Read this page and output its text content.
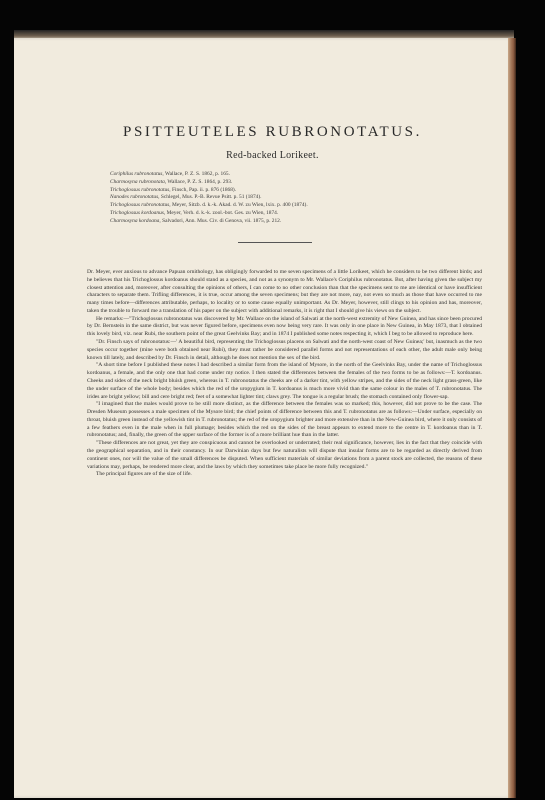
PSITTEUTELES RUBRONOTATUS.
Red-backed Lorikeet.
Coriphilus rubronotatus, Wallace, P. Z. S. 1862, p. 165.
Charmosyna rubronotata, Wallace, P. Z. S. 1864, p. 293.
Trichoglossus rubronotatus, Finsch, Pap. ii. p. 876 (1868).
Nanodes rubronotatus, Schlegel, Mus. P.-B. Revue Psitt. p. 51 (1874).
Trichoglossus rubronotatus, Meyer, Sitzb. d. k.-k. Akad. d. W. zu Wien, lxix. p. 400 (1874).
Trichoglossus kordoanus, Meyer, Verh. d. k.-k. zool.-bot. Ges. zu Wien, 1874.
Charmosyna kordoana, Salvadori, Ann. Mus. Civ. di Genova, vii. 1875, p. 212.

Dr. Meyer, ever anxious to advance Papuan ornithology, has obligingly forwarded to me seven specimens of a little Lorikeet, which he considers to be two different birds; and he believes that his Trichoglossus kordoanus should stand as a species, and not as a synonym to Mr. Wallace's Coriphilus rubronotatus. But, after having given the subject my closest attention and, moreover, after consulting the opinions of others, I can come to no other conclusion than that the specimens sent to me are identical or have insufficient characters to separate them. Trifling differences, it is true, occur among the seven specimens; but they are not more, nay, not even so much as those that have occurred to me many times before—differences attributable, perhaps, to locality or to some cause equally unimportant. As Dr. Meyer, however, still clings to his opinion and has, moreover, taken the trouble to forward me a translation of his paper on the subject with additional remarks, it is right that I should give his views on the subject.

He remarks:—"Trichoglossus rubronotatus was discovered by Mr. Wallace on the island of Salwati at the north-west extremity of New Guinea, and has since been procured by Dr. Bernstein in the same district, but was never figured before, specimens even now being very rare. It was only in one place in New Guinea, in May 1873, that I obtained this lovely bird, viz. near Rubi, the southern point of the great Geelvinks Bay; and in 1874 I published some notes respecting it, which I beg to be allowed to reproduce here.

"Dr. Finsch says of rubronotatus:—' A beautiful bird, representing the Trichoglossus placens on Salwati and the north-west coast of New Guinea;' but, inasmuch as the two species occur together (mine were both obtained near Rubi), they must rather be considered parallel forms and not representations of each other, the adult male only being known till lately, and described by Dr. Finsch in detail, although he does not mention the sex of the bird.

"A short time before I published these notes I had described a similar form from the island of Mysore, in the north of the Geelvinks Bay, under the name of Trichoglossus kordoanus, a female, and the only one that had come under my notice. I then stated the differences between the females of the two forms to be as follows:—T. kordoanus. Cheeks and sides of the neck bright bluish green, whereas in T. rubronotatus the cheeks are of a darker tint, with yellow stripes, and the sides of the neck light grass-green, like the under surface of the whole body; besides which the red of the uropygium in T. kordoanus is much more vivid than the same colour in the males of T. rubronotatus. The irides are bright yellow; bill and cere bright red; feet of a somewhat lighter tint; claws grey. The tongue is a regular brush; the stomach contained only flower-sap.

"I imagined that the males would prove to be still more distinct, as the difference between the females was so marked; this, however, did not prove to be the case. The Dresden Museum possesses a male specimen of the Mysore bird; the chief points of difference between this and T. rubronotatus are as follows:—Under surface, especially on throat, bluish green instead of the yellowish tint in T. rubronotatus; the red of the uropygium brighter and more extensive than in the New-Guinea bird, where it only consists of a few feathers even in the male when in full plumage; besides which the red on the sides of the breast appears to extend more to the centre in T. kordoanus than in T. rubronotatus; and, finally, the green of the upper surface of the former is of a more brilliant hue than in the latter.

"These differences are not great, yet they are conspicuous and cannot be overlooked or underrated; their real significance, however, lies in the fact that they coincide with the geographical separation, and in their constancy. In our Darwinian days but few naturalists will dispute that insular forms are to be regarded as directly derived from continent ones, nor will the value of the small differences be disputed. When sufficient materials of similar deviations from a parent stock are collected, the reasons of these variations may, perhaps, be rendered more clear, and the laws by which they sometimes take place be more fully recognized."

The principal figures are of the size of life.
